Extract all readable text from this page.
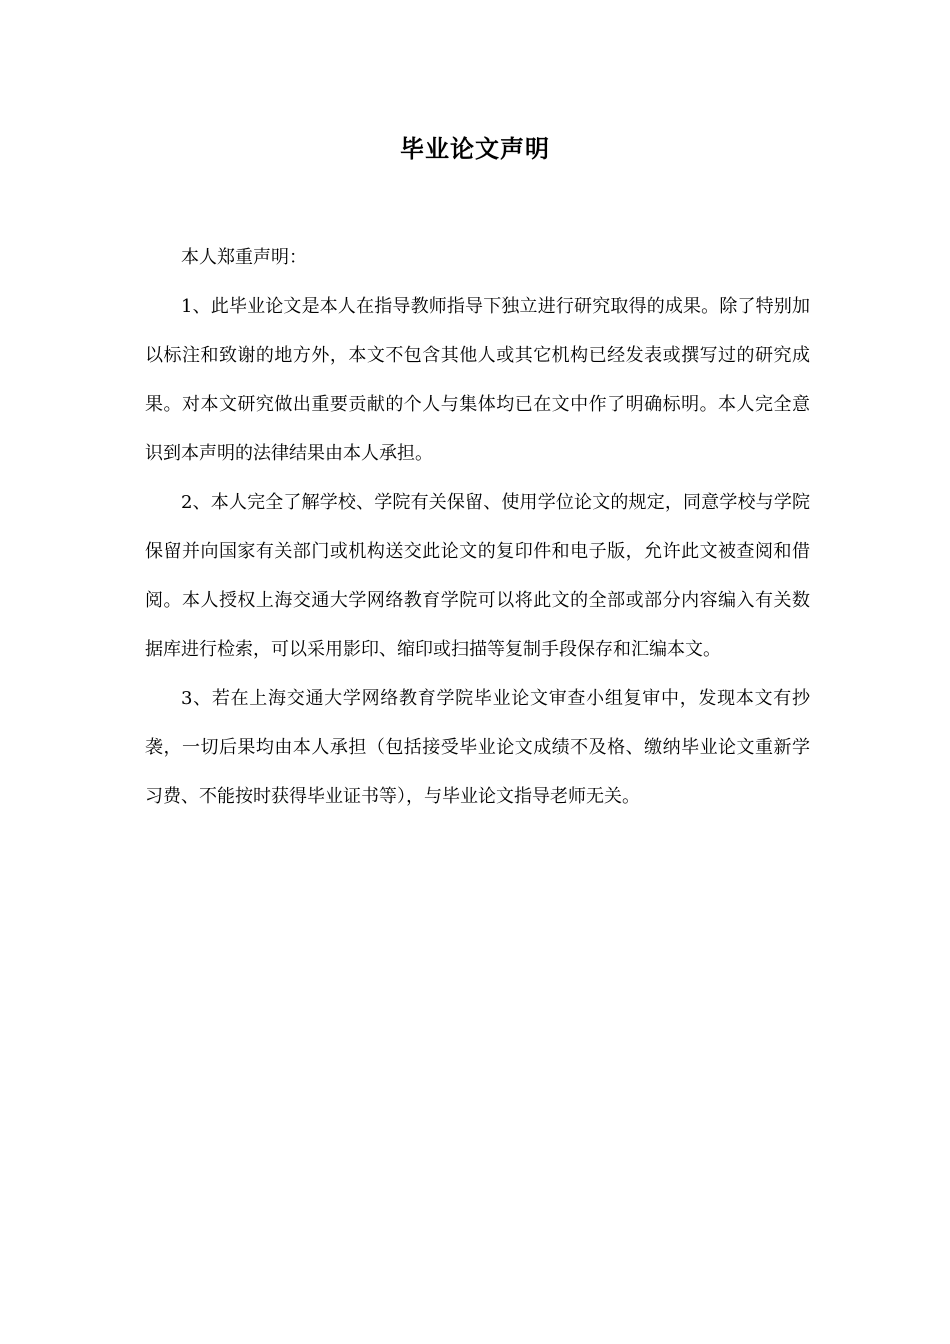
毕业论文声明

本人郑重声明：

1、此毕业论文是本人在指导教师指导下独立进行研究取得的成果。除了特别加以标注和致谢的地方外，本文不包含其他人或其它机构已经发表或撰写过的研究成果。对本文研究做出重要贡献的个人与集体均已在文中作了明确标明。本人完全意识到本声明的法律结果由本人承担。

2、本人完全了解学校、学院有关保留、使用学位论文的规定，同意学校与学院保留并向国家有关部门或机构送交此论文的复印件和电子版，允许此文被查阅和借阅。本人授权上海交通大学网络教育学院可以将此文的全部或部分内容编入有关数据库进行检索，可以采用影印、缩印或扫描等复制手段保存和汇编本文。

3、若在上海交通大学网络教育学院毕业论文审查小组复审中，发现本文有抄袭，一切后果均由本人承担（包括接受毕业论文成绩不及格、缴纳毕业论文重新学习费、不能按时获得毕业证书等），与毕业论文指导老师无关。
